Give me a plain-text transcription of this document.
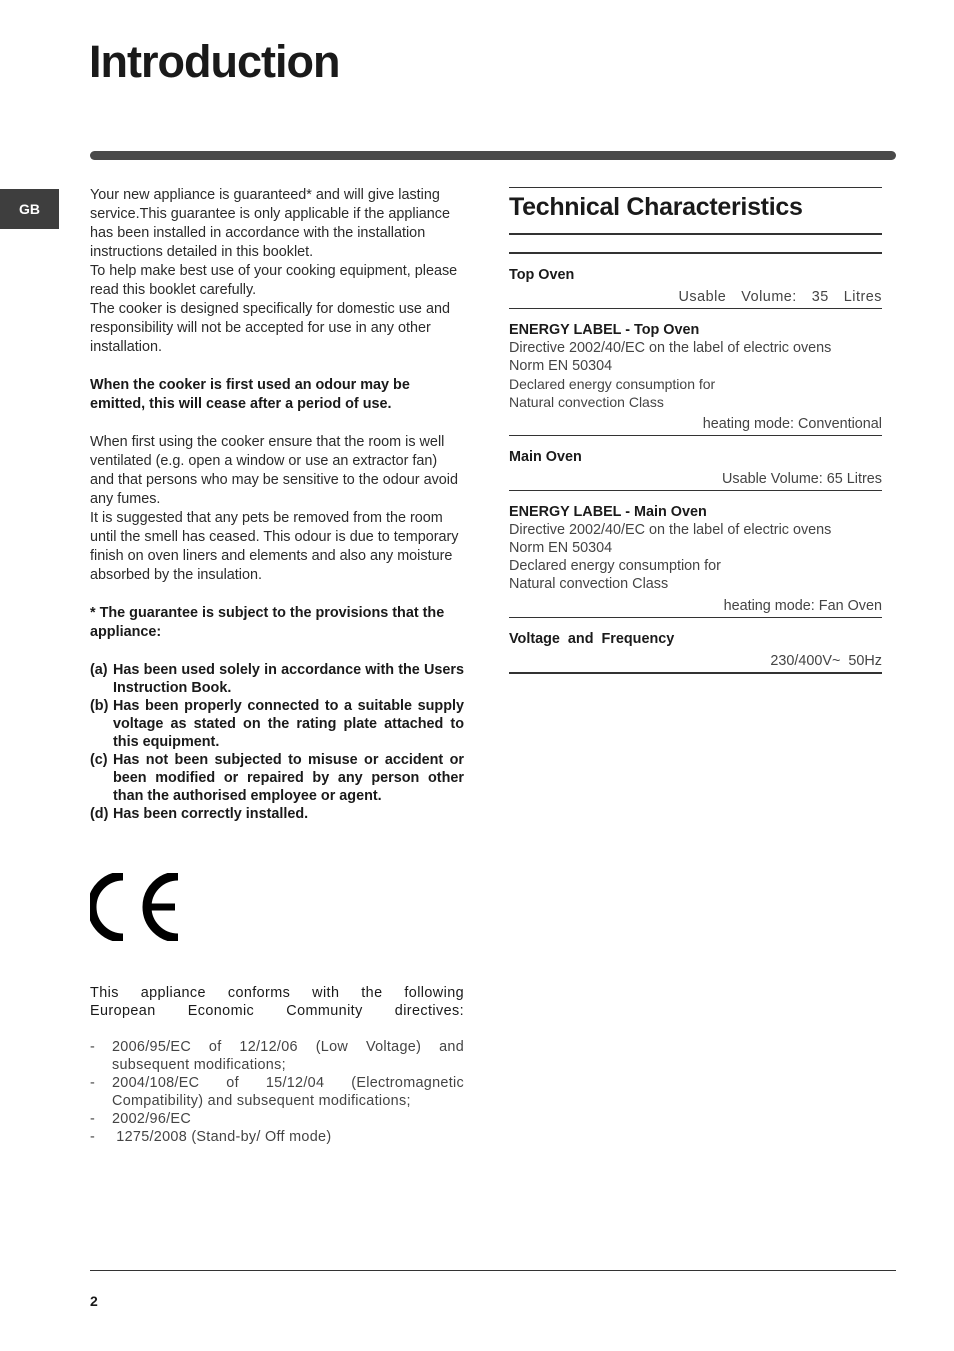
Introduction
GB

Your new appliance is guaranteed* and will give lasting service.This guarantee is only applicable if the appliance has been installed in accordance with the installation instructions detailed in this booklet.

To help make best use of your cooking equipment, please read this booklet carefully.

The cooker is designed specifically for domestic use and responsibility will not be accepted for use in any other installation.

When the cooker is first used an odour may be emitted, this will cease after a period of use.

When first using the cooker ensure that the room is well ventilated (e.g. open a window or use an extractor fan) and that persons who may be sensitive to the odour avoid any fumes.

It is suggested that any pets be removed from the room until the smell has ceased. This odour is due to temporary finish on oven liners and elements and also any moisture absorbed by the insulation.

* The guarantee is subject to the provisions that the appliance:

(a) Has been used solely in accordance with the Users Instruction Book.
(b) Has been properly connected to a suitable supply voltage as stated on the rating plate attached to this equipment.
(c) Has not been subjected to misuse or accident or been modified or repaired by any person other than the authorised employee or agent.
(d) Has been correctly installed.
This appliance conforms with the following
European Economic Community directives:
-	2006/95/EC of 12/12/06 (Low Voltage) and subsequent modifications;
-	2004/108/EC of 15/12/04 (Electromagnetic Compatibility) and subsequent modifications;
-	2002/96/EC
-	1275/2008 (Stand-by/ Off mode)
Technical Characteristics
Top Oven
Usable  Volume:  35  Litres
ENERGY LABEL - Top Oven
Directive 2002/40/EC on the label of electric ovens
Norm EN 50304
Declared energy consumption for
Natural convection Class
heating mode: Conventional
Main Oven
Usable Volume: 65 Litres
ENERGY LABEL - Main Oven
Directive 2002/40/EC on the label of electric ovens
Norm EN 50304
Declared energy consumption for
Natural convection Class
heating mode: Fan Oven
Voltage  and  Frequency
230/400V~  50Hz
2
